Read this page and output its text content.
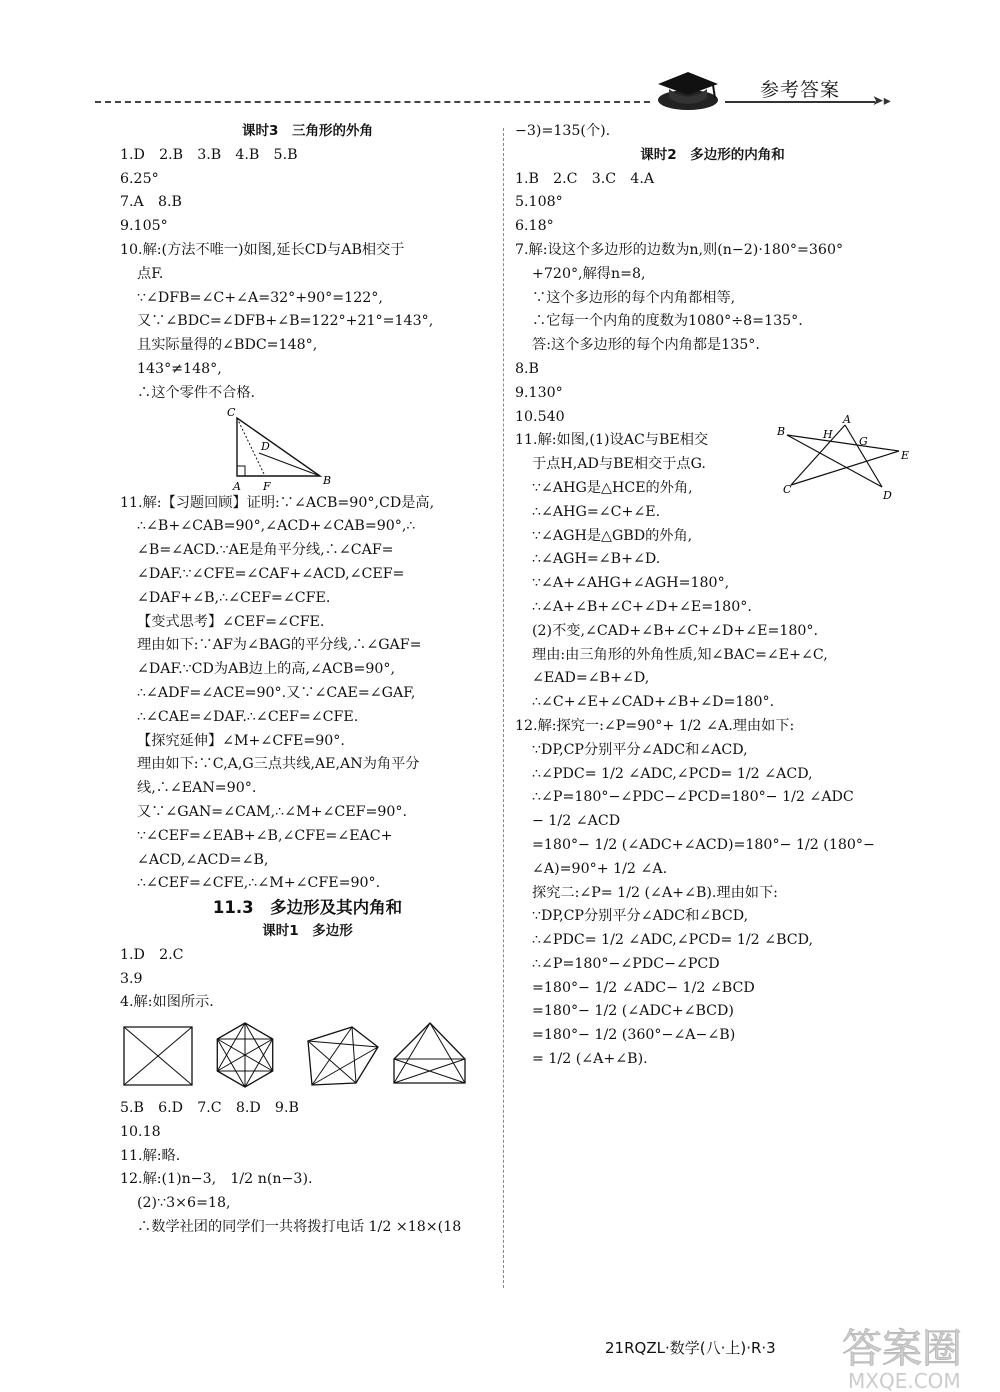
➤▸
参考答案
课时3　三角形的外角
1.D　2.B　3.B　4.B　5.B
6.25°
7.A　8.B
9.105°
10.解:(方法不唯一)如图,延长CD与AB相交于
点F.
∵∠DFB=∠C+∠A=32°+90°=122°,
又∵∠BDC=∠DFB+∠B=122°+21°=143°,
且实际量得的∠BDC=148°,
143°≠148°,
∴这个零件不合格.
C
D
A F	B
11.解:【习题回顾】证明:∵∠ACB=90°,CD是高,
∴∠B+∠CAB=90°,∠ACD+∠CAB=90°,∴
∠B=∠ACD.∵AE是角平分线,∴∠CAF=
∠DAF.∵∠CFE=∠CAF+∠ACD,∠CEF=
∠DAF+∠B,∴∠CEF=∠CFE.
【变式思考】∠CEF=∠CFE.
理由如下:∵AF为∠BAG的平分线,∴∠GAF=
∠DAF.∵CD为AB边上的高,∠ACB=90°,
∴∠ADF=∠ACE=90°.又∵∠CAE=∠GAF,
∴∠CAE=∠DAF.∴∠CEF=∠CFE.
【探究延伸】∠M+∠CFE=90°.
理由如下:∵C,A,G三点共线,AE,AN为角平分
线,∴∠EAN=90°.
又∵∠GAN=∠CAM,∴∠M+∠CEF=90°.
∵∠CEF=∠EAB+∠B,∠CFE=∠EAC+
∠ACD,∠ACD=∠B,
∴∠CEF=∠CFE,∴∠M+∠CFE=90°.
11.3　多边形及其内角和
课时1　多边形
1.D　2.C
3.9
4.解:如图所示.
5.B　6.D　7.C　8.D　9.B
10.18
11.解:略.
12.解:(1)n−3,　1/2 n(n−3).
(2)∵3×6=18,
∴数学社团的同学们一共将拨打电话 1/2 ×18×(18
−3)=135(个).
课时2　多边形的内角和
1.B　2.C　3.C　4.A
5.108°
6.18°
7.解:设这个多边形的边数为n,则(n−2)·180°=360°
+720°,解得n=8,
∵这个多边形的每个内角都相等,
∴它每一个内角的度数为1080°÷8=135°.
答:这个多边形的每个内角都是135°.
8.B
9.130°
10.540
11.解:如图,(1)设AC与BE相交
A
B	H
G
E
C	D
于点H,AD与BE相交于点G.
∵∠AHG是△HCE的外角,
∴∠AHG=∠C+∠E.
∵∠AGH是△GBD的外角,
∴∠AGH=∠B+∠D.
∵∠A+∠AHG+∠AGH=180°,
∴∠A+∠B+∠C+∠D+∠E=180°.
(2)不变,∠CAD+∠B+∠C+∠D+∠E=180°.
理由:由三角形的外角性质,知∠BAC=∠E+∠C,
∠EAD=∠B+∠D,
∴∠C+∠E+∠CAD+∠B+∠D=180°.
12.解:探究一:∠P=90°+ 1/2 ∠A.理由如下:
∵DP,CP分别平分∠ADC和∠ACD,
∴∠PDC= 1/2 ∠ADC,∠PCD= 1/2 ∠ACD,
∴∠P=180°−∠PDC−∠PCD=180°− 1/2 ∠ADC
− 1/2 ∠ACD
=180°− 1/2 (∠ADC+∠ACD)=180°− 1/2 (180°−
∠A)=90°+ 1/2 ∠A.
探究二:∠P= 1/2 (∠A+∠B).理由如下:
∵DP,CP分别平分∠ADC和∠BCD,
∴∠PDC= 1/2 ∠ADC,∠PCD= 1/2 ∠BCD,
∴∠P=180°−∠PDC−∠PCD
=180°− 1/2 ∠ADC− 1/2 ∠BCD
=180°− 1/2 (∠ADC+∠BCD)
=180°− 1/2 (360°−∠A−∠B)
= 1/2 (∠A+∠B).
21RQZL·数学(八·上)·R·3 答案圈
MXQE.COM
